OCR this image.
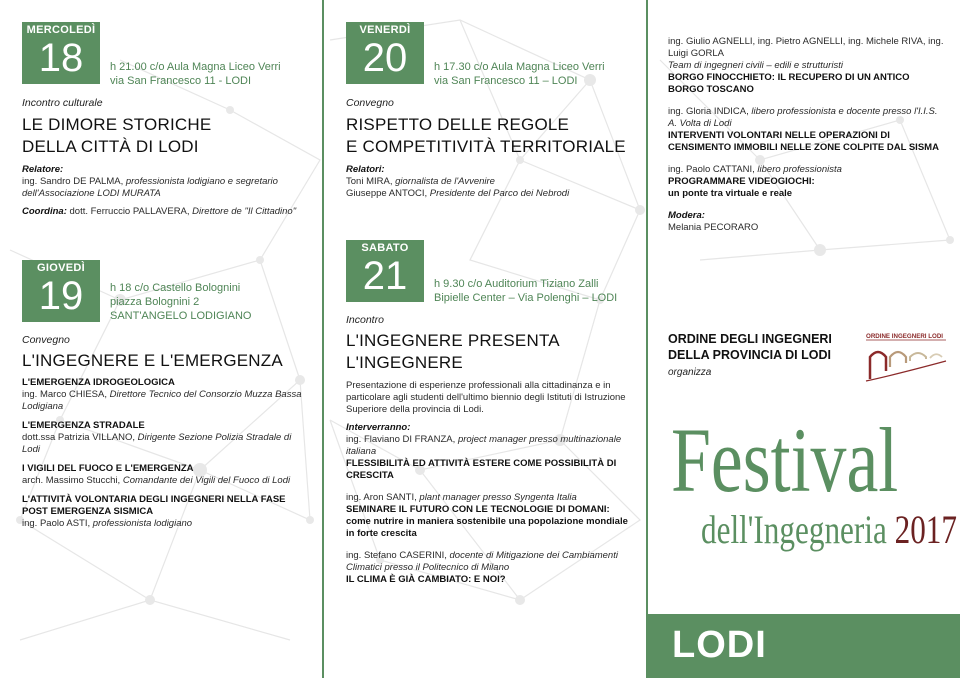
MERCOLEDÌ
18	h 21.00 c/o Aula Magna Liceo Verri
via San Francesco 11 - LODI
Incontro culturale
LE DIMORE STORICHE
DELLA CITTÀ DI LODI

Relatore:

ing. Sandro DE PALMA, professionista lodigiano e segretario dell'Associazione LODI MURATA

Coordina: dott. Ferruccio PALLAVERA, Direttore de "Il Cittadino"

GIOVEDÌ
19	h 18 c/o Castello Bolognini
piazza Bolognini 2
SANT'ANGELO LODIGIANO
Convegno
L'INGEGNERE E L'EMERGENZA

L'EMERGENZA IDROGEOLOGICA

ing. Marco CHIESA, Direttore Tecnico del Consorzio Muzza Bassa Lodigiana

L'EMERGENZA STRADALE

dott.ssa Patrizia VILLANO, Dirigente Sezione Polizia Stradale di Lodi

I VIGILI DEL FUOCO E L'EMERGENZA

arch. Massimo Stucchi, Comandante dei Vigili del Fuoco di Lodi

L'ATTIVITÀ VOLONTARIA DEGLI INGEGNERI NELLA FASE POST EMERGENZA SISMICA

ing. Paolo ASTI, professionista lodigiano

VENERDÌ
20	h 17.30 c/o Aula Magna Liceo Verri
via San Francesco 11 – LODI
Convegno
RISPETTO DELLE REGOLE
E COMPETITIVITÀ TERRITORIALE

Relatori:

Toni MIRA, giornalista de l'Avvenire

Giuseppe ANTOCI, Presidente del Parco dei Nebrodi

SABATO
21	h 9.30 c/o Auditorium Tiziano Zalli
Bipielle Center – Via Polenghi – LODI
Incontro
L'INGEGNERE PRESENTA
L'INGEGNERE

Presentazione di esperienze professionali alla cittadinanza e in particolare agli studenti dell'ultimo biennio degli Istituti di Istruzione Superiore della provincia di Lodi.

Interverranno:

ing. Flaviano DI FRANZA, project manager presso multinazionale italiana

FLESSIBILITÀ ED ATTIVITÀ ESTERE COME POSSIBILITÀ DI CRESCITA

ing. Aron SANTI, plant manager presso Syngenta Italia

SEMINARE IL FUTURO CON LE TECNOLOGIE DI DOMANI:

come nutrire in maniera sostenibile una popolazione mondiale in forte crescita

ing. Stefano CASERINI, docente di Mitigazione dei Cambiamenti Climatici presso il Politecnico di Milano

IL CLIMA È GIÀ CAMBIATO: E NOI?

ing. Giulio AGNELLI, ing. Pietro AGNELLI, ing. Michele RIVA, ing. Luigi GORLA

Team di ingegneri civili – edili e strutturisti

BORGO FINOCCHIETO: IL RECUPERO DI UN ANTICO BORGO TOSCANO

ing. Gloria INDICA, libero professionista e docente presso l'I.I.S. A. Volta di Lodi

INTERVENTI VOLONTARI NELLE OPERAZIONI DI CENSIMENTO IMMOBILI NELLE ZONE COLPITE DAL SISMA

ing. Paolo CATTANI, libero professionista

PROGRAMMARE VIDEOGIOCHI:

un ponte tra virtuale e reale

Modera:

Melania PECORARO

ORDINE DEGLI INGEGNERI
DELLA PROVINCIA DI LODI
organizza
ORDINE INGEGNERI LODI
Festival
dell'Ingegneria 2017
LODI
